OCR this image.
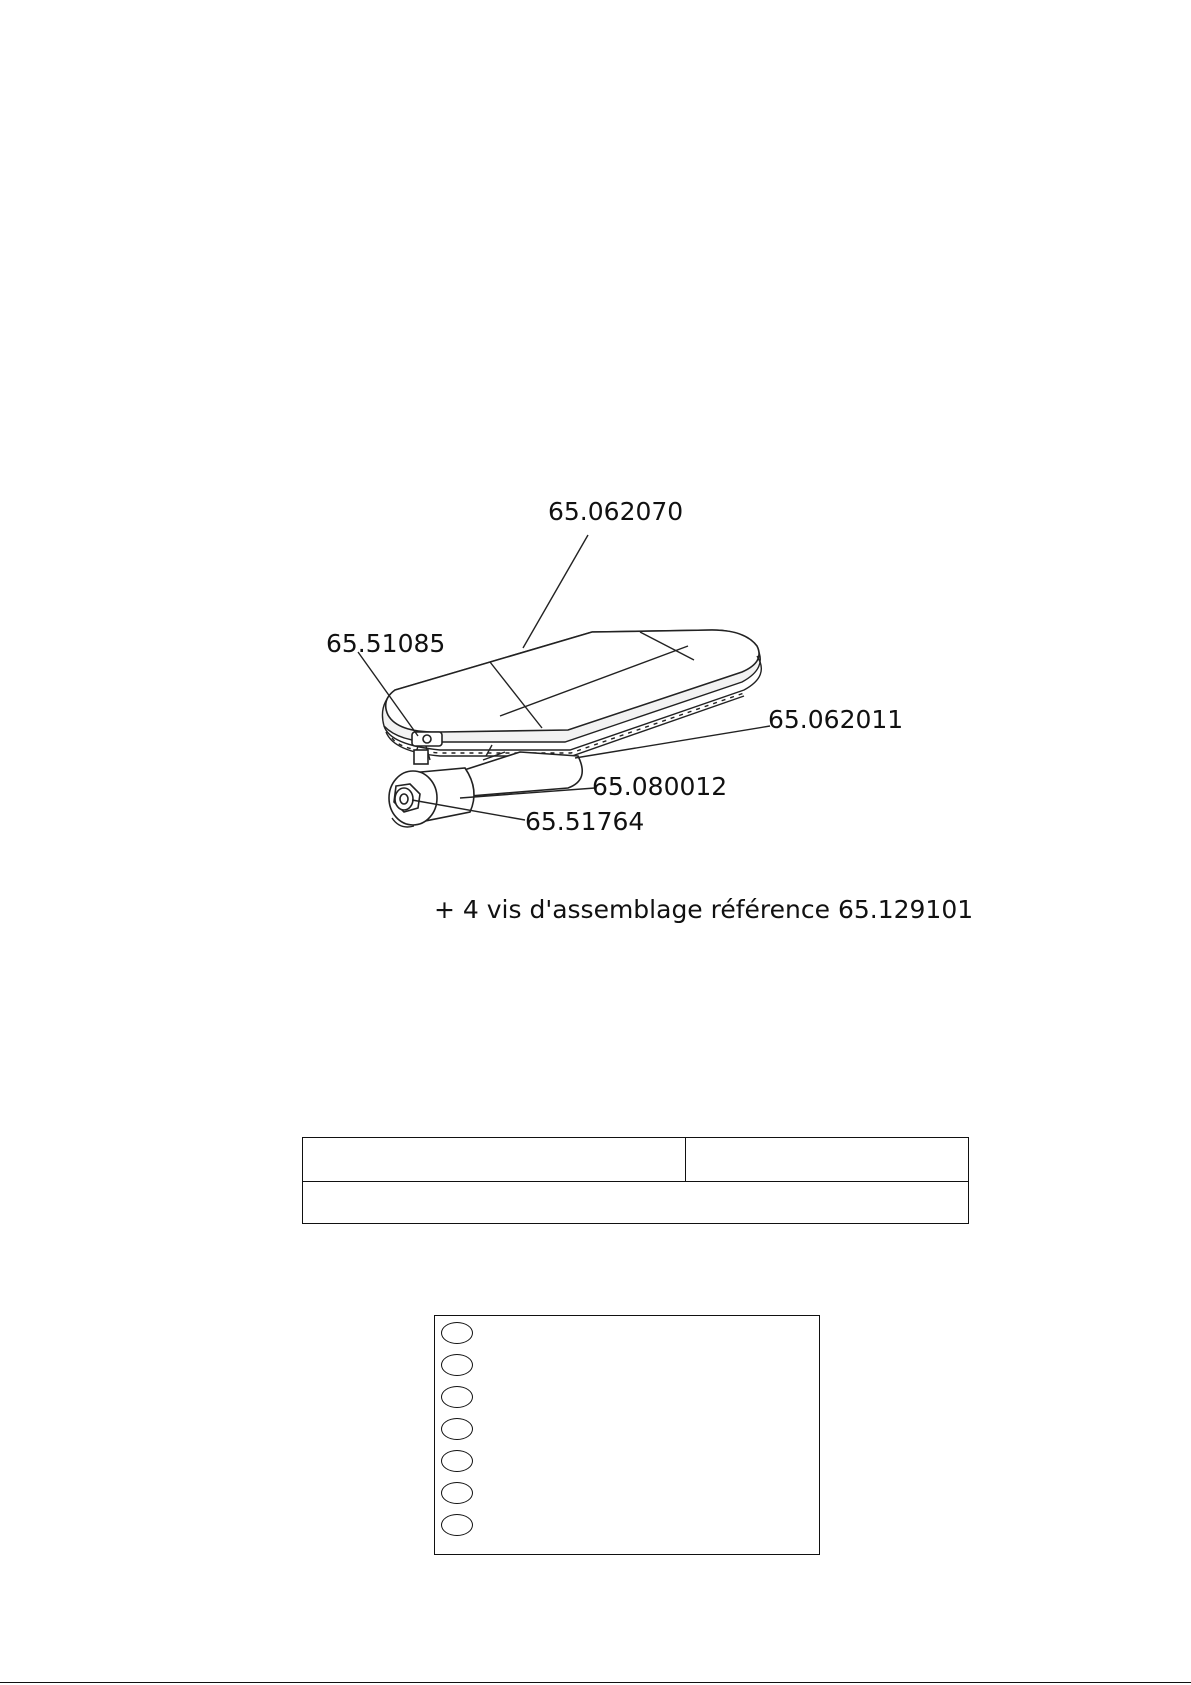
65.062070
65.51085
65.062011
65.080012
65.51764
+ 4 vis d'assemblage référence 65.129101
